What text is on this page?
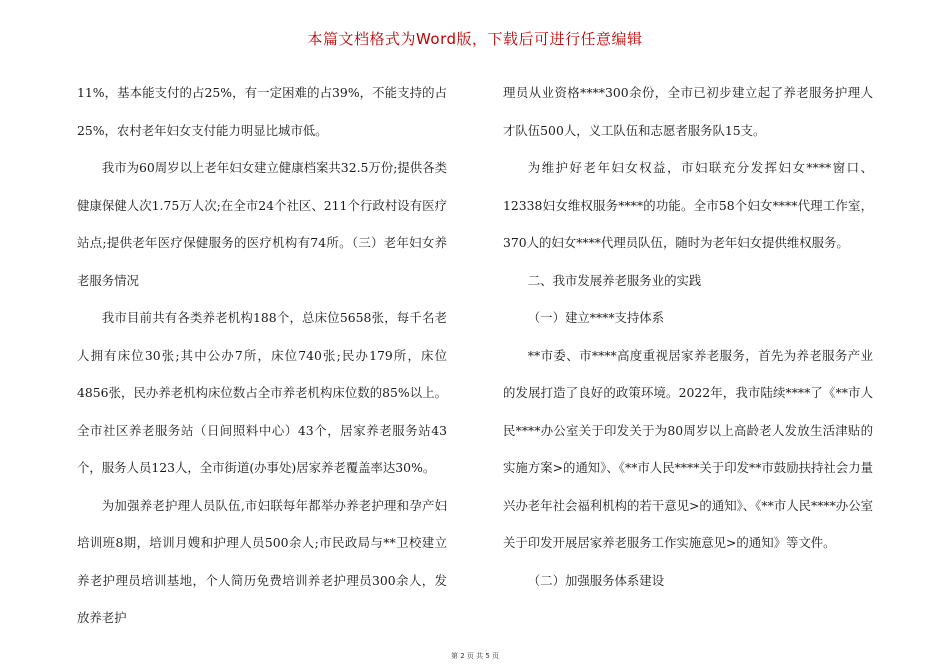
本篇文档格式为Word版，下载后可进行任意编辑

11%，基本能支付的占25%，有一定困难的占39%，不能支持的占25%，农村老年妇女支付能力明显比城市低。

我市为60周岁以上老年妇女建立健康档案共32.5万份;提供各类健康保健人次1.75万人次;在全市24个社区、211个行政村设有医疗站点;提供老年医疗保健服务的医疗机构有74所。（三）老年妇女养老服务情况

我市目前共有各类养老机构188个，总床位5658张，每千名老人拥有床位30张;其中公办7所，床位740张;民办179所，床位4856张，民办养老机构床位数占全市养老机构床位数的85%以上。全市社区养老服务站（日间照料中心）43个，居家养老服务站43个，服务人员123人，全市街道(办事处)居家养老覆盖率达30%。

为加强养老护理人员队伍,市妇联每年都举办养老护理和孕产妇培训班8期，培训月嫂和护理人员500余人;市民政局与**卫校建立养老护理员培训基地，个人简历免费培训养老护理员300余人，发放养老护

理员从业资格****300余份，全市已初步建立起了养老服务护理人才队伍500人，义工队伍和志愿者服务队15支。

为维护好老年妇女权益，市妇联充分发挥妇女****窗口、12338妇女维权服务****的功能。全市58个妇女****代理工作室，370人的妇女****代理员队伍，随时为老年妇女提供维权服务。

二、我市发展养老服务业的实践

（一）建立****支持体系

**市委、市****高度重视居家养老服务，首先为养老服务产业的发展打造了良好的政策环境。2022年，我市陆续****了《**市人民****办公室关于印发关于为80周岁以上高龄老人发放生活津贴的实施方案>的通知》、《**市人民****关于印发**市鼓励扶持社会力量兴办老年社会福利机构的若干意见>的通知》、《**市人民****办公室关于印发开展居家养老服务工作实施意见>的通知》等文件。

（二）加强服务体系建设

第 2 页 共 5 页
